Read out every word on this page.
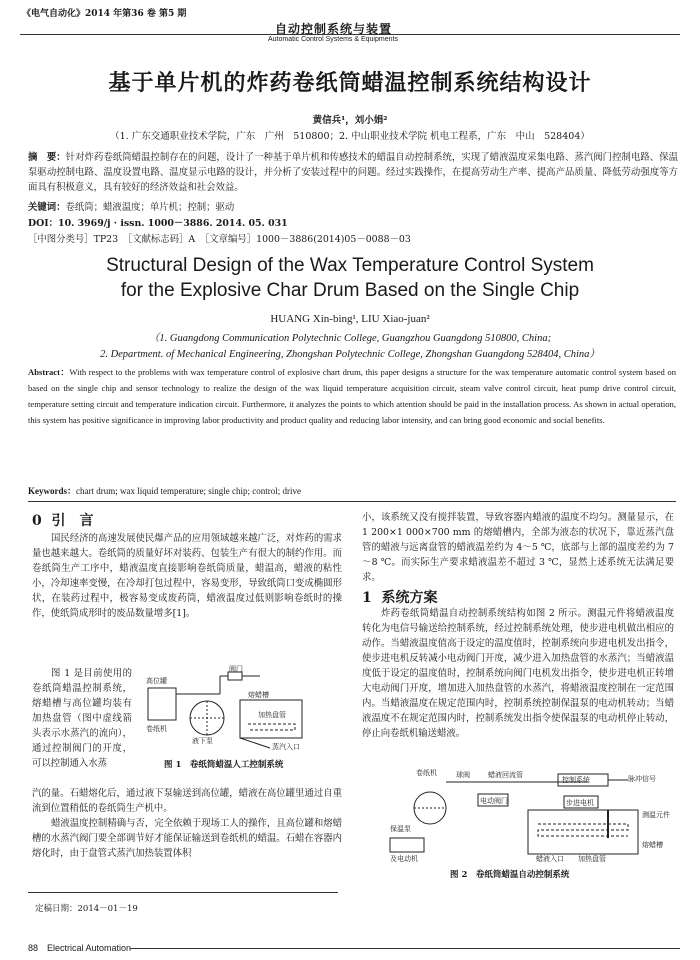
《电气自动化》2014 年第36 卷 第5 期
自动控制系统与装置
Automatic Control Systems & Equipments
基于单片机的炸药卷纸筒蜡温控制系统结构设计
黄信兵¹，刘小娟²
（1. 广东交通职业技术学院，广东　广州　510800；2. 中山职业技术学院 机电工程系，广东　中山　528404）
摘　要：针对炸药卷纸筒蜡温控制存在的问题，设计了一种基于单片机和传感技术的蜡温自动控制系统，实现了蜡液温度采集电路、蒸汽阀门控制电路、保温泵驱动控制电路、温度设置电路、温度显示电路的设计，并分析了安装过程中的问题。经过实践操作，在提高劳动生产率、提高产品质量、降低劳动强度等方面具有积极意义，具有较好的经济效益和社会效益。
关键词：卷纸筒；蜡液温度；单片机；控制；驱动
DOI：10. 3969/j · issn. 1000－3886. 2014. 05. 031
［中图分类号］TP23　［文献标志码］A　［文章编号］1000－3886(2014)05－0088－03
Structural Design of the Wax Temperature Control System
for the Explosive Char Drum Based on the Single Chip
HUANG Xin-bing¹, LIU Xiao-juan²
（1. Guangdong Communication Polytechnic College, Guangzhou Guangdong 510800, China;
2. Department. of Mechanical Engineering, Zhongshan Polytechnic College, Zhongshan Guangdong 528404, China）
Abstract：With respect to the problems with wax temperature control of explosive chart drum, this paper designs a structure for the wax temperature automatic control system based on based on the single chip and sensor technology to realize the design of the wax liquid temperature acquisition circuit, steam valve control circuit, heat pump drive control circuit, temperature setting circuit and temperature indication circuit. Furthermore, it analyzes the points to which attention should be paid in the installation process. As shown in actual operation, this system has positive significance in improving labor productivity and product quality and reducing labor intensity, and can bring good economic and social benefits.
Keywords：chart drum; wax liquid temperature; single chip; control; drive
0 引　言
国民经济的高速发展使民爆产品的应用领域越来越广泛，对炸药的需求量也越来越大。卷纸筒的质量好坏对装药、包装生产有很大的制约作用。而卷纸筒生产工序中，蜡液温度直接影响卷纸筒质量，蜡温高，蜡液的粘性小，冷却速率变慢，在冷却打包过程中，容易变形，导致纸筒口变成椭圆形状，在装药过程中，极容易变成废药筒，蜡液温度过低则影响卷纸时的操作，使纸筒成形时的废品数量增多[1]。
图 1 是目前使用的卷纸筒蜡温控制系统，熔蜡槽与高位罐均装有加热盘管（图中虚线箭头表示水蒸汽的流向），通过控制阀门的开度，可以控制通入水蒸
高位罐
阀门
熔蜡槽
卷纸机
液下泵
加热盘管
蒸汽入口
图 1　卷纸筒蜡温人工控制系统
汽的量。石蜡熔化后，通过液下泵输送到高位罐，蜡液在高位罐里通过自重流到位置稍低的卷纸筒生产机中。
蜡液温度控制精确与否，完全依赖于现场工人的操作，且高位罐和熔蜡槽的水蒸汽阀门要全部调节好才能保证输送到卷纸机的蜡温。石蜡在容器内熔化时，由于盘管式蒸汽加热装置体积
小，该系统又没有搅拌装置，导致容器内蜡液的温度不均匀。测量显示，在 1 200×1 000×700 mm 的熔蜡槽内，全部为液态的状况下，靠近蒸汽盘管的蜡液与远离盘管的蜡液温差约为 4～5 ℃，底部与上部的温度差约为 7～8 ℃。而实际生产要求蜡液温差不超过 3 ℃，显然上述系统无法满足要求。
1 系统方案
炸药卷纸筒蜡温自动控制系统结构如图 2 所示。测温元件将蜡液温度转化为电信号输送给控制系统，经过控制系统处理，使步进电机做出相应的动作。当蜡液温度值高于设定的温度值时，控制系统向步进电机发出指令，使步进电机反转减小电动阀门开度，减少进入加热盘管的水蒸汽；当蜡液温度低于设定的温度值时，控制系统向阀门电机发出指令，使步进电机正转增大电动阀门开度，增加进入加热盘管的水蒸汽，将蜡液温度控制在一定范围内。当蜡液温度在规定范围内时，控制系统控制保温泵的电动机转动；当蜡液温度不在规定范围内时，控制系统发出指令使保温泵的电动机停止转动，停止向卷纸机输送蜡液。
卷纸机	球阀	蜡液回流管
控制系统	脉冲信号
电动阀门	步进电机
保温泵
及电动机
测温元件
熔蜡槽
蜡液入口 加热盘管
图 2　卷纸筒蜡温自动控制系统
定稿日期：2014－01－19
88　Electrical Automation
